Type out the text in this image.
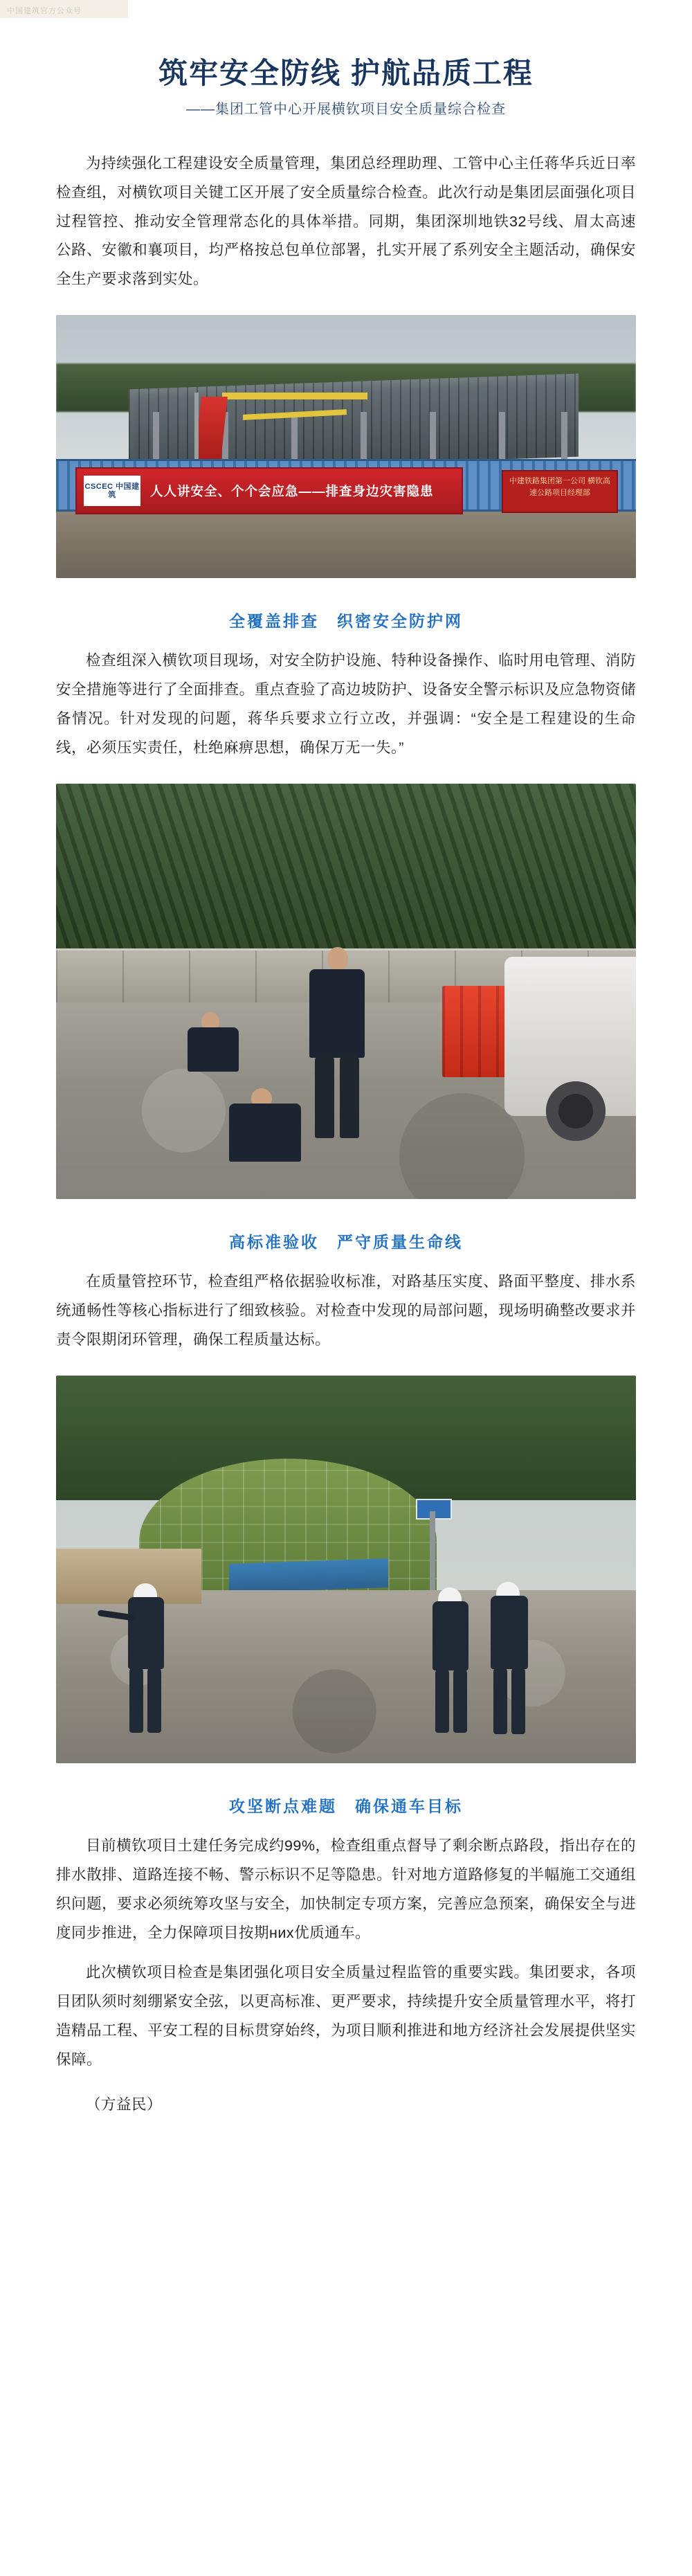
中国建筑官方公众号
筑牢安全防线 护航品质工程
——集团工管中心开展横钦项目安全质量综合检查

为持续强化工程建设安全质量管理，集团总经理助理、工管中心主任蒋华兵近日率检查组，对横钦项目关键工区开展了安全质量综合检查。此次行动是集团层面强化项目过程管控、推动安全管理常态化的具体举措。同期，集团深圳地铁32号线、眉太高速公路、安徽和襄项目，均严格按总包单位部署，扎实开展了系列安全主题活动，确保安全生产要求落到实处。

CSCEC 中国建筑	人人讲安全、个个会应急——排查身边灾害隐患
中建铁路集团第一公司 横钦高速公路项目经理部
全覆盖排查　织密安全防护网

检查组深入横钦项目现场，对安全防护设施、特种设备操作、临时用电管理、消防安全措施等进行了全面排查。重点查验了高边坡防护、设备安全警示标识及应急物资储备情况。针对发现的问题，蒋华兵要求立行立改，并强调：“安全是工程建设的生命线，必须压实责任，杜绝麻痹思想，确保万无一失。”

高标准验收　严守质量生命线

在质量管控环节，检查组严格依据验收标准，对路基压实度、路面平整度、排水系统通畅性等核心指标进行了细致核验。对检查中发现的局部问题，现场明确整改要求并责令限期闭环管理，确保工程质量达标。

攻坚断点难题　确保通车目标

目前横钦项目土建任务完成约99%，检查组重点督导了剩余断点路段，指出存在的排水散排、道路连接不畅、警示标识不足等隐患。针对地方道路修复的半幅施工交通组织问题，要求必须统筹攻坚与安全，加快制定专项方案，完善应急预案，确保安全与进度同步推进，全力保障项目按期них优质通车。

此次横钦项目检查是集团强化项目安全质量过程监管的重要实践。集团要求，各项目团队须时刻绷紧安全弦，以更高标准、更严要求，持续提升安全质量管理水平，将打造精品工程、平安工程的目标贯穿始终，为项目顺利推进和地方经济社会发展提供坚实保障。

（方益民）
